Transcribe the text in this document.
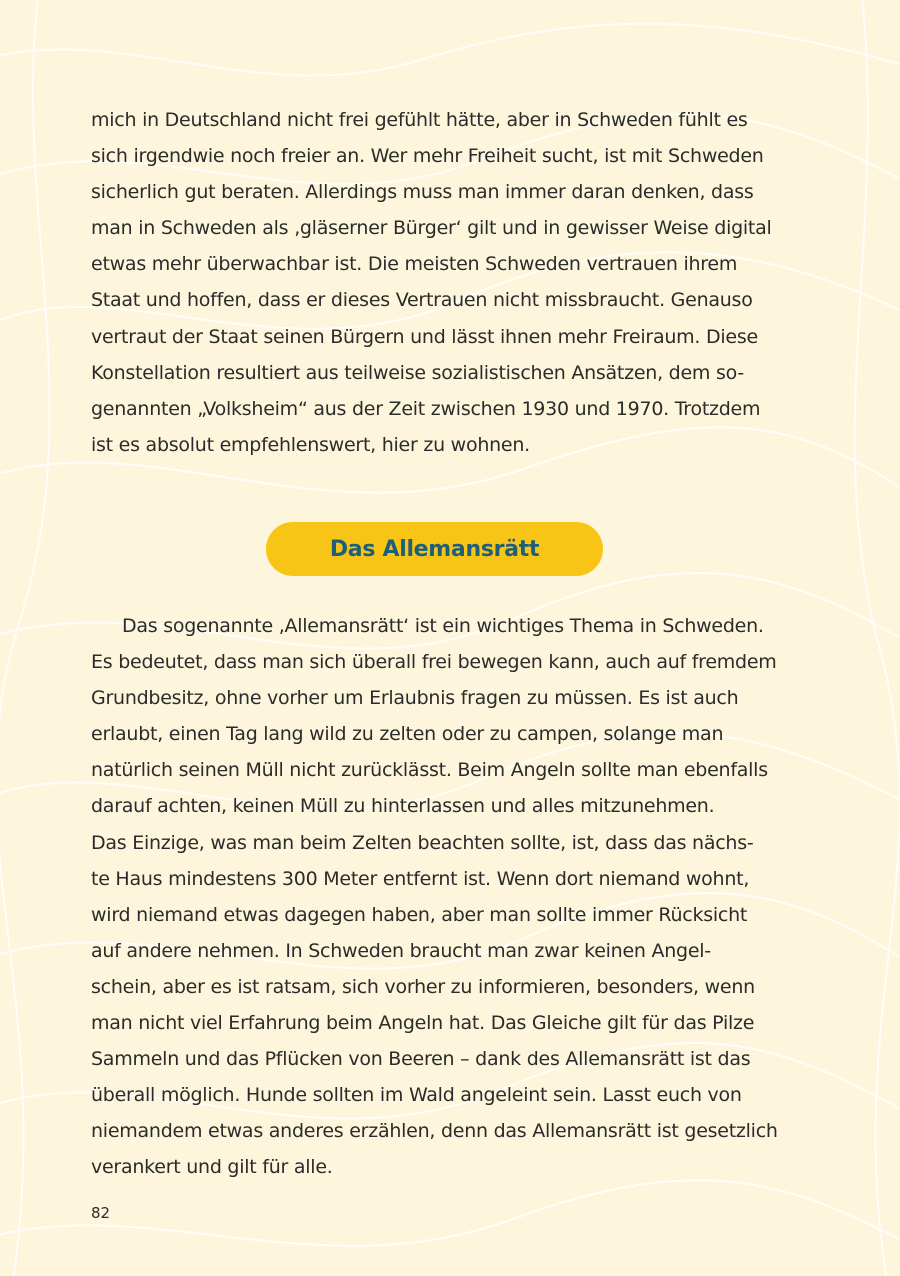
mich in Deutschland nicht frei gefühlt hätte, aber in Schweden fühlt es
sich irgendwie noch freier an. Wer mehr Freiheit sucht, ist mit Schweden
sicherlich gut beraten. Allerdings muss man immer daran denken, dass
man in Schweden als ‚gläserner Bürger‘ gilt und in gewisser Weise digital
etwas mehr überwachbar ist. Die meisten Schweden vertrauen ihrem
Staat und hoffen, dass er dieses Vertrauen nicht missbraucht. Genauso
vertraut der Staat seinen Bürgern und lässt ihnen mehr Freiraum. Diese
Konstellation resultiert aus teilweise sozialistischen Ansätzen, dem so-
genannten „Volksheim“ aus der Zeit zwischen 1930 und 1970. Trotzdem
ist es absolut empfehlenswert, hier zu wohnen.
Das Allemansrätt
Das sogenannte ‚Allemansrätt‘ ist ein wichtiges Thema in Schweden.
Es bedeutet, dass man sich überall frei bewegen kann, auch auf fremdem
Grundbesitz, ohne vorher um Erlaubnis fragen zu müssen. Es ist auch
erlaubt, einen Tag lang wild zu zelten oder zu campen, solange man
natürlich seinen Müll nicht zurücklässt. Beim Angeln sollte man ebenfalls
darauf achten, keinen Müll zu hinterlassen und alles mitzunehmen.
Das Einzige, was man beim Zelten beachten sollte, ist, dass das nächs-
te Haus mindestens 300 Meter entfernt ist. Wenn dort niemand wohnt,
wird niemand etwas dagegen haben, aber man sollte immer Rücksicht
auf andere nehmen. In Schweden braucht man zwar keinen Angel-
schein, aber es ist ratsam, sich vorher zu informieren, besonders, wenn
man nicht viel Erfahrung beim Angeln hat. Das Gleiche gilt für das Pilze
Sammeln und das Pflücken von Beeren – dank des Allemansrätt ist das
überall möglich. Hunde sollten im Wald angeleint sein. Lasst euch von
niemandem etwas anderes erzählen, denn das Allemansrätt ist gesetzlich
verankert und gilt für alle.
82
